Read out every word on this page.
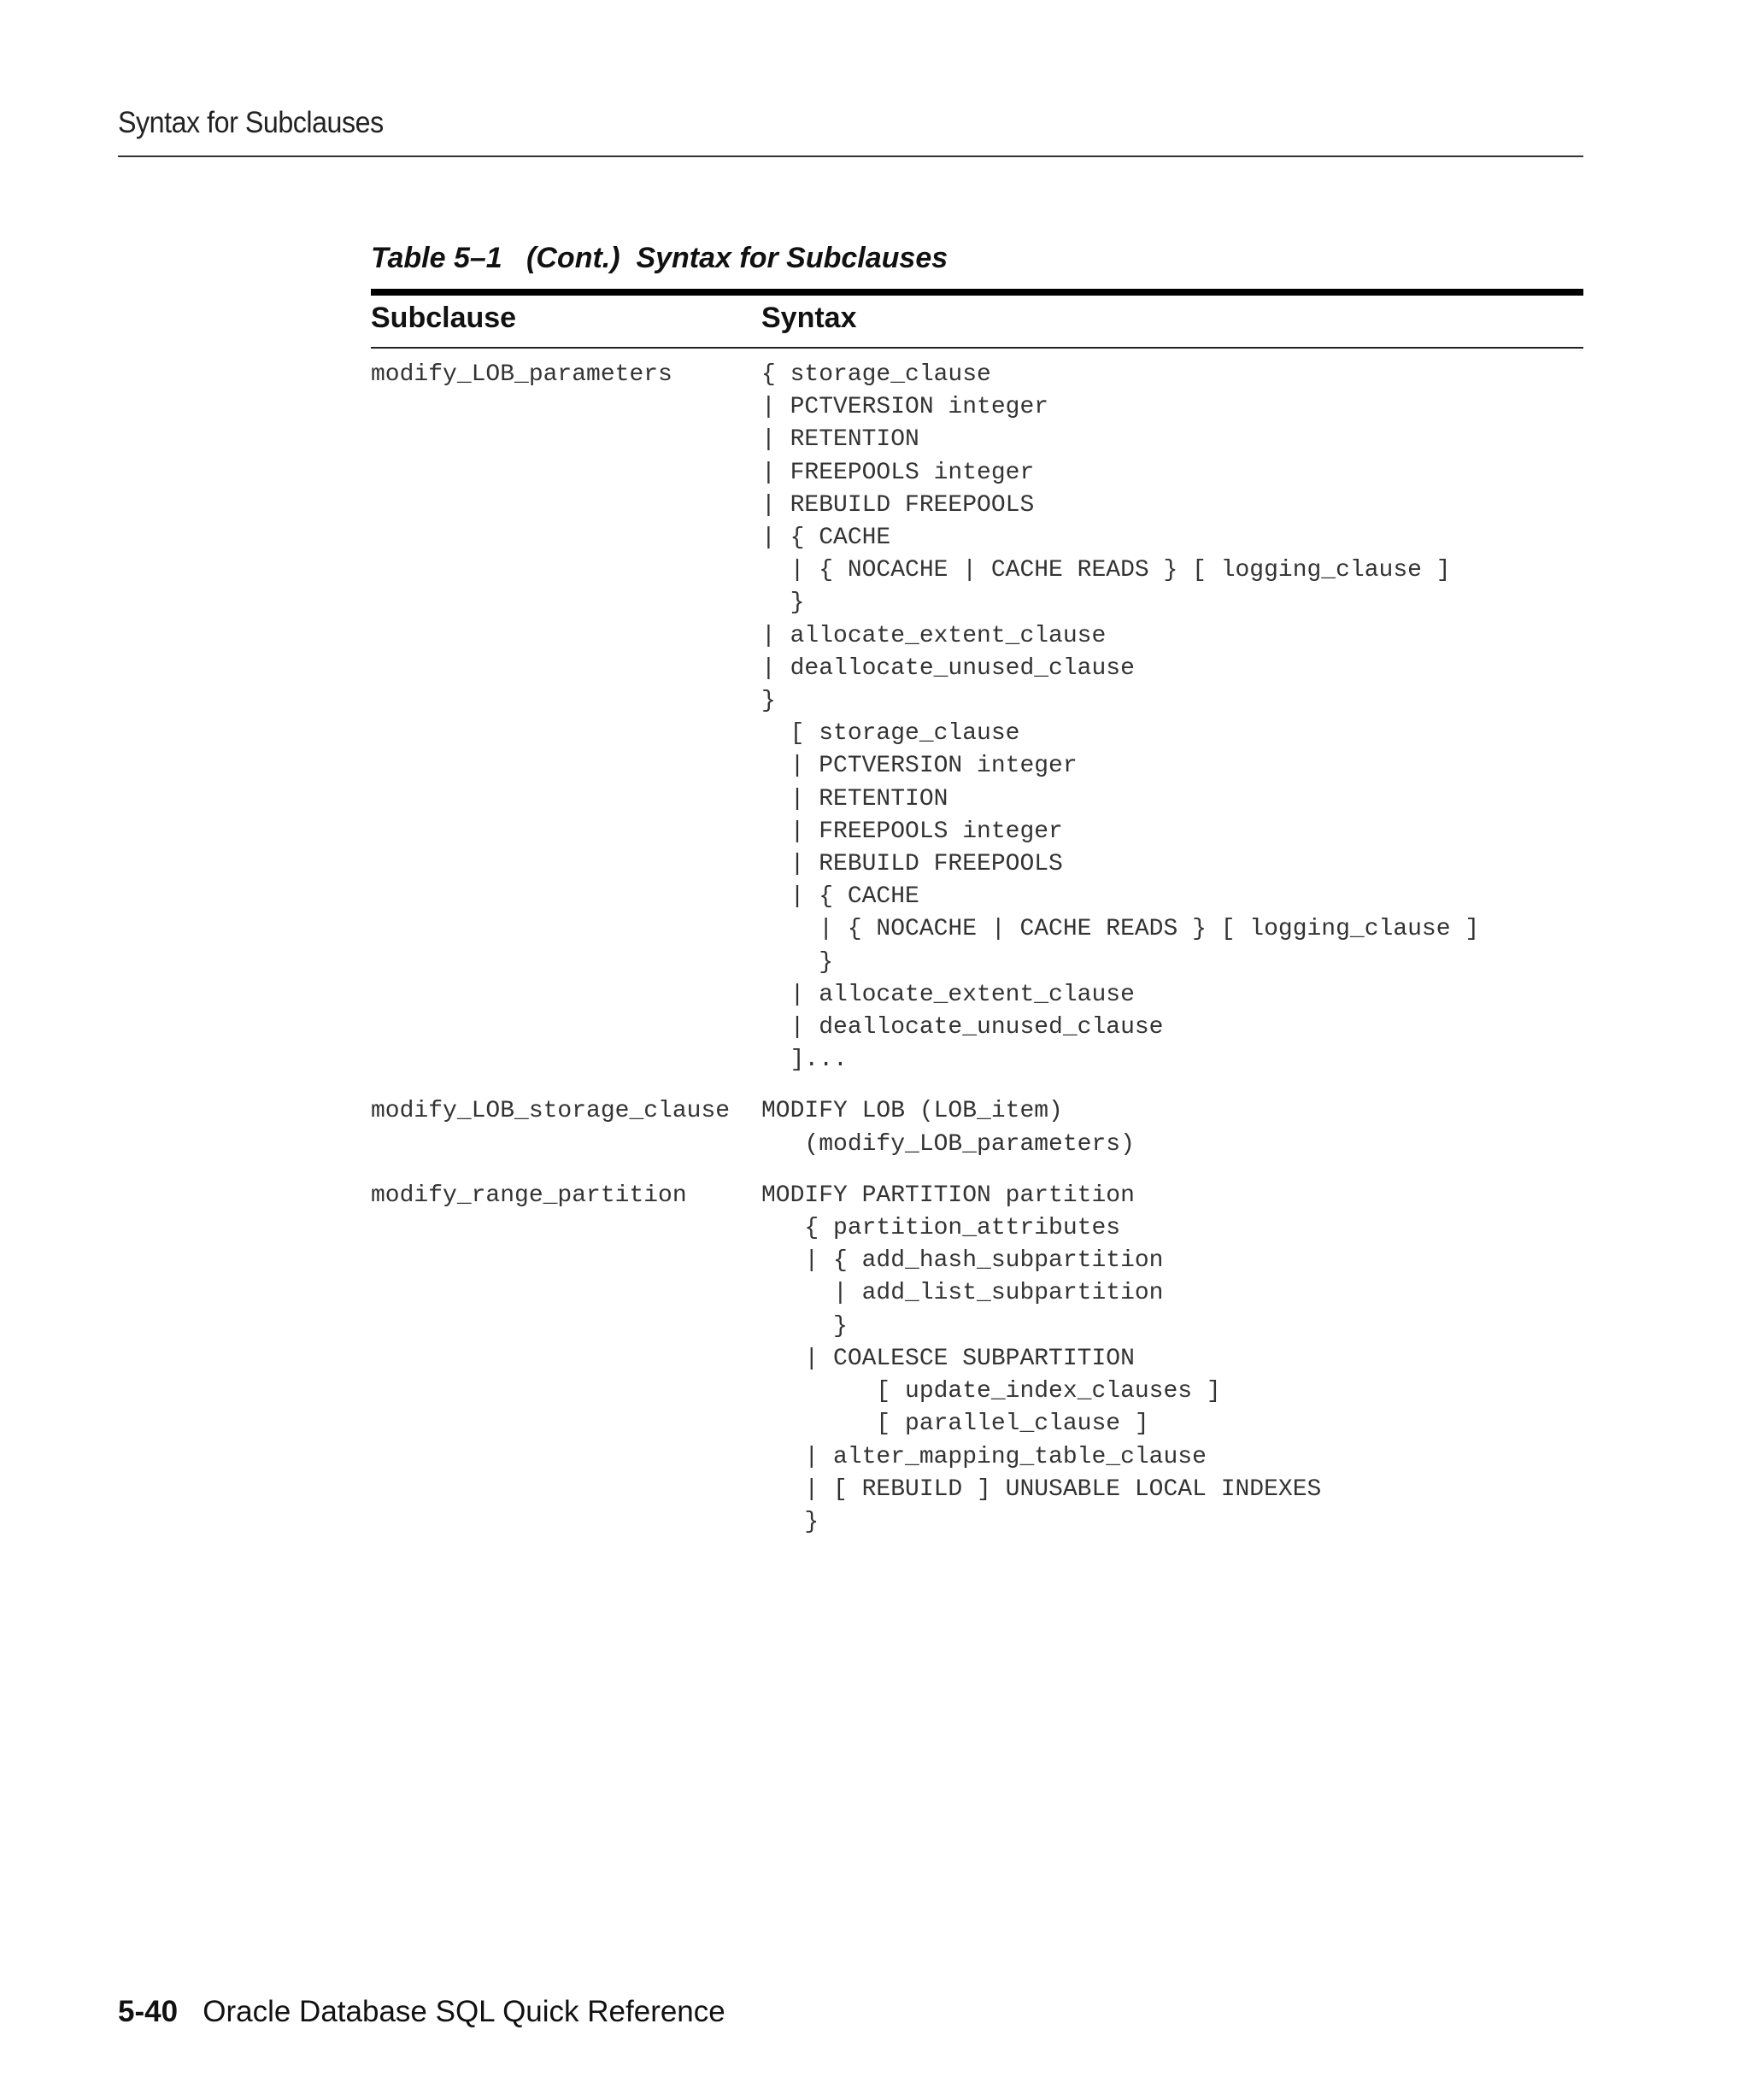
Syntax for Subclauses
Table 5–1   (Cont.)  Syntax for Subclauses
Subclause	Syntax
modify_LOB_parameters	{ storage_clause
| PCTVERSION integer
| RETENTION
| FREEPOOLS integer
| REBUILD FREEPOOLS
| { CACHE
| { NOCACHE | CACHE READS } [ logging_clause ]
}
| allocate_extent_clause
| deallocate_unused_clause
}
[ storage_clause
| PCTVERSION integer
| RETENTION
| FREEPOOLS integer
| REBUILD FREEPOOLS
| { CACHE
| { NOCACHE | CACHE READS } [ logging_clause ]
}
| allocate_extent_clause
| deallocate_unused_clause
]...
modify_LOB_storage_clause	MODIFY LOB (LOB_item)
(modify_LOB_parameters)
modify_range_partition	MODIFY PARTITION partition
{ partition_attributes
| { add_hash_subpartition
| add_list_subpartition
}
| COALESCE SUBPARTITION
[ update_index_clauses ]
[ parallel_clause ]
| alter_mapping_table_clause
| [ REBUILD ] UNUSABLE LOCAL INDEXES
}
5-40 Oracle Database SQL Quick Reference
